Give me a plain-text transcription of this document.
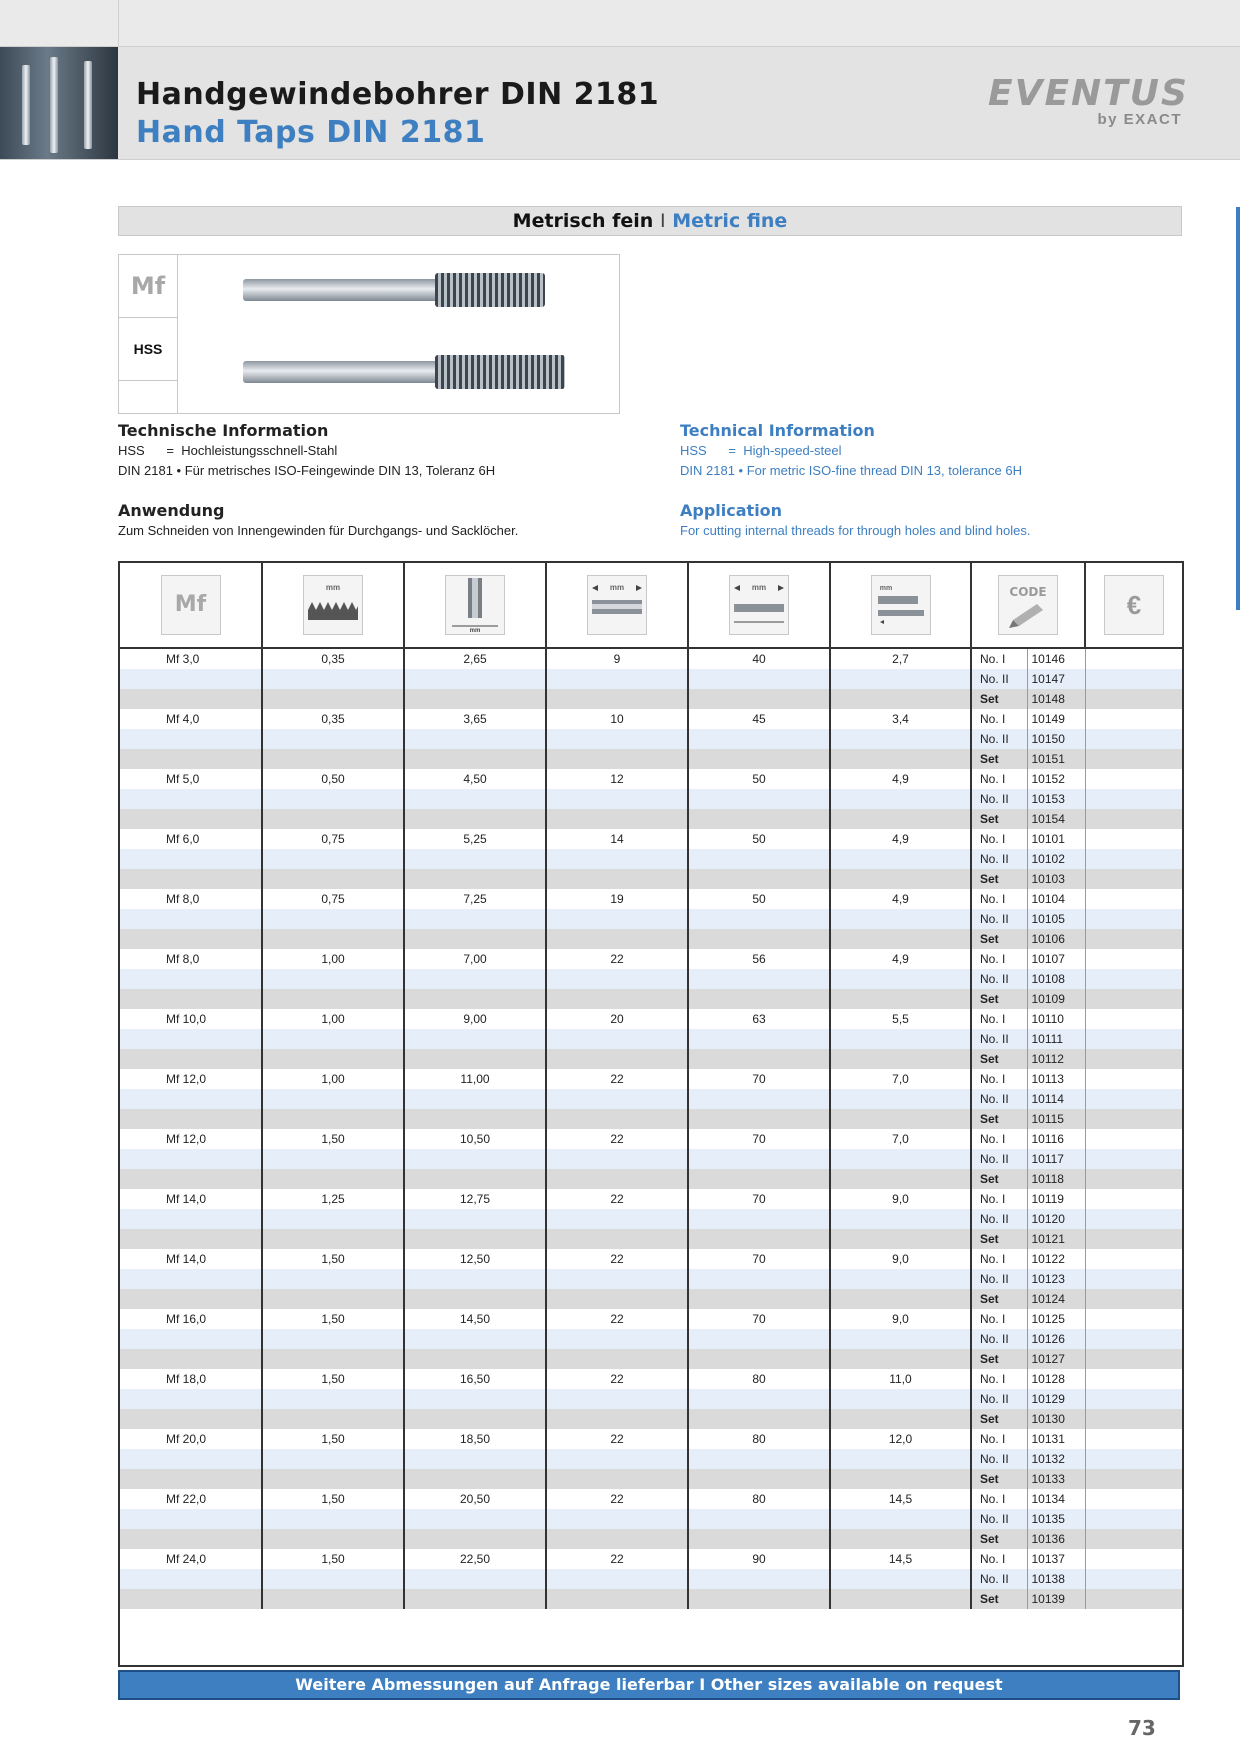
Handgewindebohrer DIN 2181
Hand Taps DIN 2181
EVENTUS
by EXACT
Metrisch fein I Metric fine
Handgewindebohrer I Hand Taps
Mf
HSS
Technische Information
HSS      =  Hochleistungsschnell-Stahl
DIN 2181 • Für metrisches ISO-Feingewinde DIN 13, Toleranz 6H
Anwendung
Zum Schneiden von Innengewinden für Durchgangs- und Sacklöcher.
Technical Information
HSS      =  High-speed-steel
DIN 2181 • For metric ISO-fine thread DIN 13, tolerance 6H
Application
For cutting internal threads for through holes and blind holes.
Mf	mm	mm	mm	mm	mm	CODE		€

Mf 3,0	0,35	2,65	9	40	2,7	No. I	10146	
						No. II	10147	
						Set	10148	
Mf 4,0	0,35	3,65	10	45	3,4	No. I	10149	
						No. II	10150	
						Set	10151	
Mf 5,0	0,50	4,50	12	50	4,9	No. I	10152	
						No. II	10153	
						Set	10154	
Mf 6,0	0,75	5,25	14	50	4,9	No. I	10101	
						No. II	10102	
						Set	10103	
Mf 8,0	0,75	7,25	19	50	4,9	No. I	10104	
						No. II	10105	
						Set	10106	
Mf 8,0	1,00	7,00	22	56	4,9	No. I	10107	
						No. II	10108	
						Set	10109	
Mf 10,0	1,00	9,00	20	63	5,5	No. I	10110	
						No. II	10111	
						Set	10112	
Mf 12,0	1,00	11,00	22	70	7,0	No. I	10113	
						No. II	10114	
						Set	10115	
Mf 12,0	1,50	10,50	22	70	7,0	No. I	10116	
						No. II	10117	
						Set	10118	
Mf 14,0	1,25	12,75	22	70	9,0	No. I	10119	
						No. II	10120	
						Set	10121	
Mf 14,0	1,50	12,50	22	70	9,0	No. I	10122	
						No. II	10123	
						Set	10124	
Mf 16,0	1,50	14,50	22	70	9,0	No. I	10125	
						No. II	10126	
						Set	10127	
Mf 18,0	1,50	16,50	22	80	11,0	No. I	10128	
						No. II	10129	
						Set	10130	
Mf 20,0	1,50	18,50	22	80	12,0	No. I	10131	
						No. II	10132	
						Set	10133	
Mf 22,0	1,50	20,50	22	80	14,5	No. I	10134	
						No. II	10135	
						Set	10136	
Mf 24,0	1,50	22,50	22	90	14,5	No. I	10137	
						No. II	10138	
						Set	10139	
Weitere Abmessungen auf Anfrage lieferbar I Other sizes available on request
73
